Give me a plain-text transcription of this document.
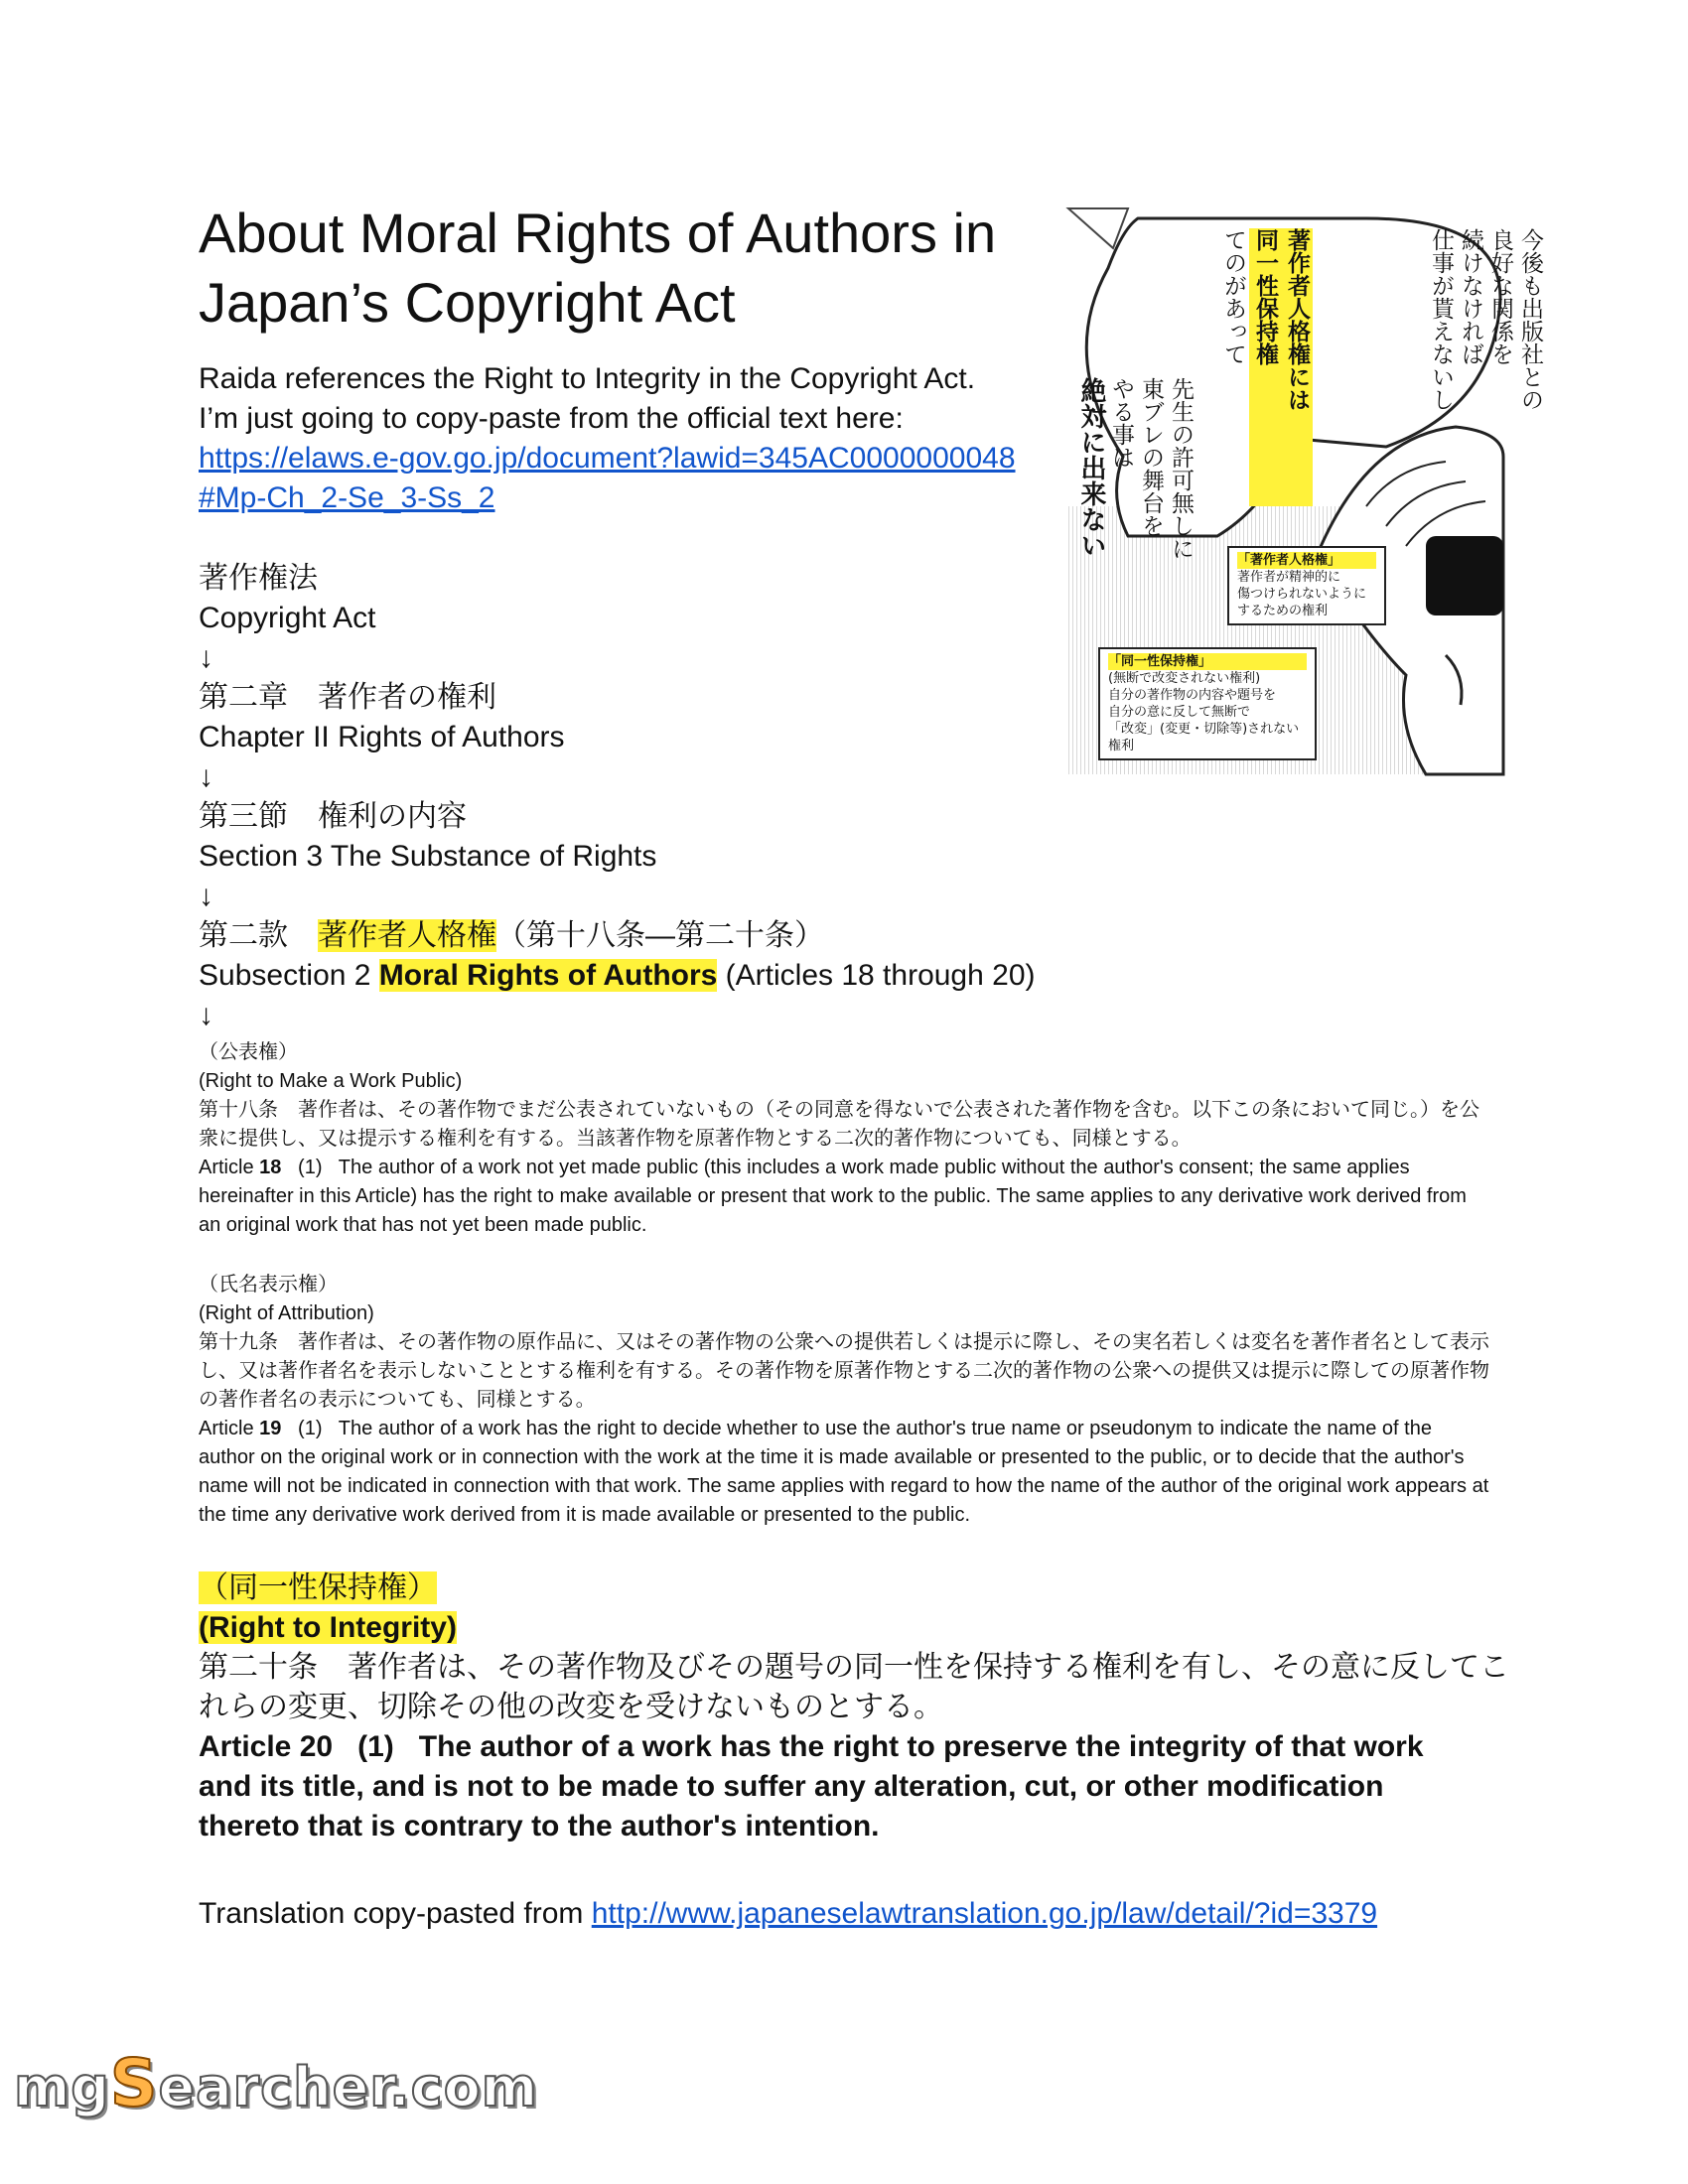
About Moral Rights of Authors in
Japan’s Copyright Act
Raida references the Right to Integrity in the Copyright Act.
I’m just going to copy-paste from the official text here:
https://elaws.e-gov.go.jp/document?lawid=345AC0000000048
#Mp-Ch_2-Se_3-Ss_2
著作権法
Copyright Act
↓
第二章　著作者の権利
Chapter II Rights of Authors
↓
第三節　権利の内容
Section 3 The Substance of Rights
↓
第二款　著作者人格権（第十八条―第二十条）
Subsection 2 Moral Rights of Authors (Articles 18 through 20)
↓
（公表権）
(Right to Make a Work Public)
第十八条　著作者は、その著作物でまだ公表されていないもの（その同意を得ないで公表された著作物を含む。以下この条において同じ。）を公衆に提供し、又は提示する権利を有する。当該著作物を原著作物とする二次的著作物についても、同様とする。
Article 18   (1)   The author of a work not yet made public (this includes a work made public without the author's consent; the same applies hereinafter in this Article) has the right to make available or present that work to the public. The same applies to any derivative work derived from an original work that has not yet been made public.
（氏名表示権）
(Right of Attribution)
第十九条　著作者は、その著作物の原作品に、又はその著作物の公衆への提供若しくは提示に際し、その実名若しくは変名を著作者名として表示し、又は著作者名を表示しないこととする権利を有する。その著作物を原著作物とする二次的著作物の公衆への提供又は提示に際しての原著作物の著作者名の表示についても、同様とする。
Article 19   (1)   The author of a work has the right to decide whether to use the author's true name or pseudonym to indicate the name of the author on the original work or in connection with the work at the time it is made available or presented to the public, or to decide that the author's name will not be indicated in connection with that work. The same applies with regard to how the name of the author of the original work appears at the time any derivative work derived from it is made available or presented to the public.
（同一性保持権）
(Right to Integrity)
第二十条　著作者は、その著作物及びその題号の同一性を保持する権利を有し、その意に反してこれらの変更、切除その他の改変を受けないものとする。
Article 20   (1)   The author of a work has the right to preserve the integrity of that work and its title, and is not to be made to suffer any alteration, cut, or other modification thereto that is contrary to the author's intention.
Translation copy-pasted from http://www.japaneselawtranslation.go.jp/law/detail/?id=3379
今後も出版社との
良好な関係を
続けなければ
仕事が貰えないし
著作者人格権には
同一性保持権
てのがあって
先生の許可無しに
東ブレの舞台を
やる事は
絶対に出来ない
「著作者人格権」
著作者が精神的に
傷つけられないように
するための権利
「同一性保持権」
(無断で改変されない権利)
自分の著作物の内容や題号を
自分の意に反して無断で
「改変」(変更・切除等)されない権利
mgSearcher.com
